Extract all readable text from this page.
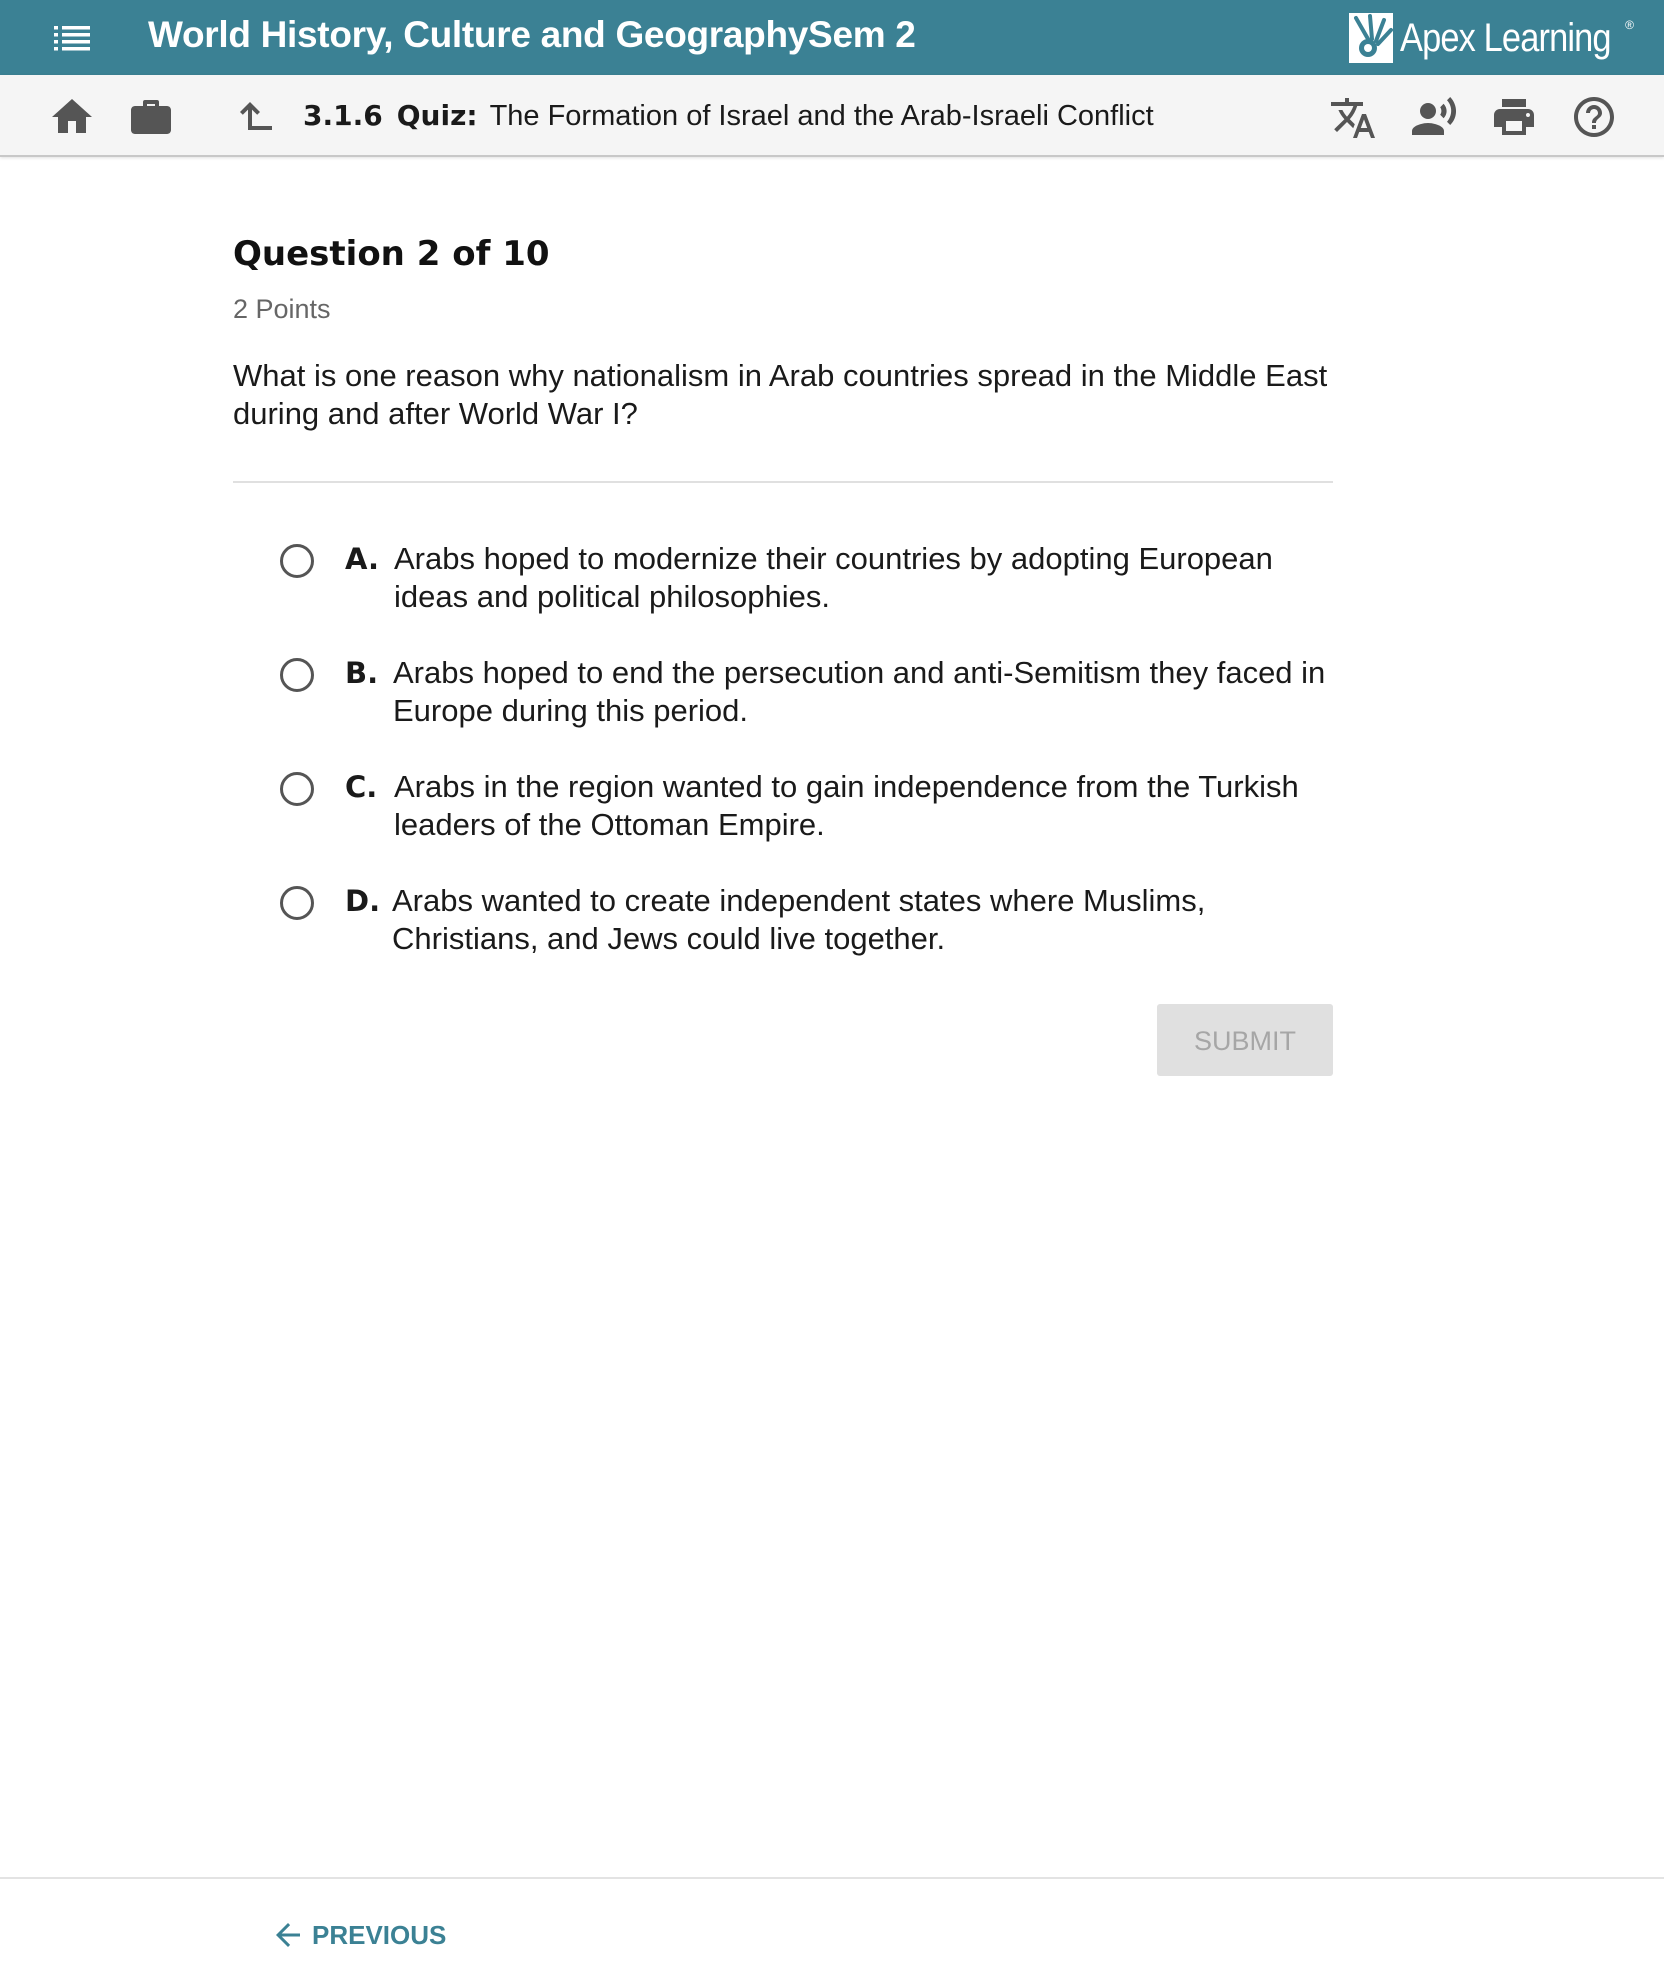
World History, Culture and GeographySem 2	Apex Learning ®
3.1.6 Quiz: The Formation of Israel and the Arab-Israeli Conflict
Question 2 of 10
2 Points
What is one reason why nationalism in Arab countries spread in the Middle East during and after World War I?
A. Arabs hoped to modernize their countries by adopting European ideas and political philosophies.
B. Arabs hoped to end the persecution and anti-Semitism they faced in Europe during this period.
C. Arabs in the region wanted to gain independence from the Turkish leaders of the Ottoman Empire.
D. Arabs wanted to create independent states where Muslims, Christians, and Jews could live together.
SUBMIT
PREVIOUS
